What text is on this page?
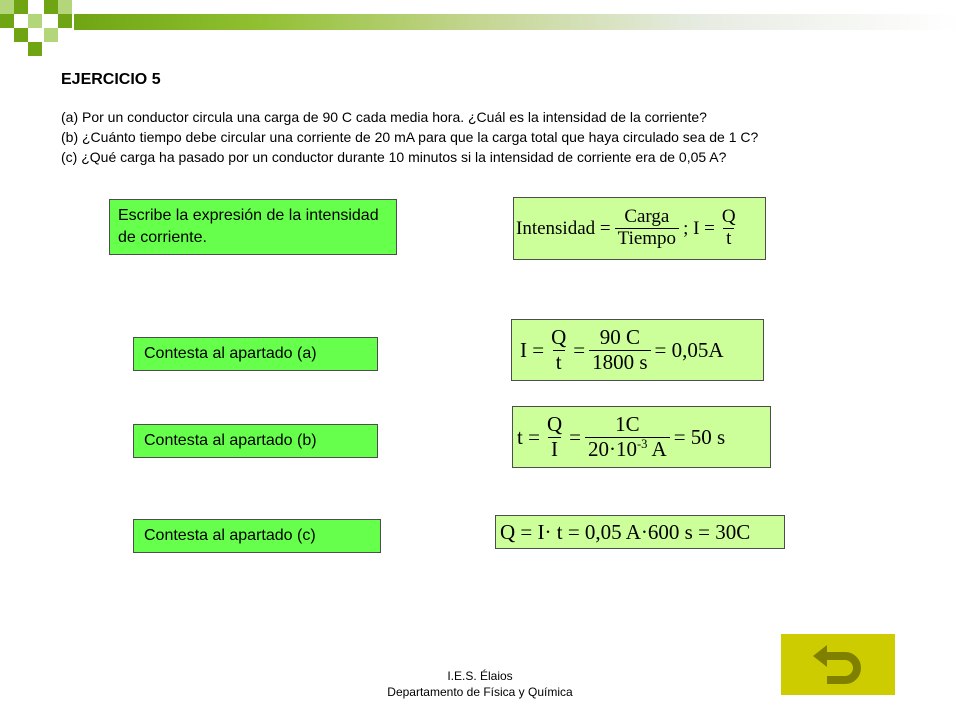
EJERCICIO 5
(a) Por un conductor circula una carga de 90 C cada media hora. ¿Cuál es la intensidad de la corriente?
(b) ¿Cuánto tiempo debe circular una corriente de 20 mA para que la carga total que haya circulado sea de 1 C?
(c) ¿Qué carga ha pasado por un conductor durante 10 minutos si la intensidad de corriente era de 0,05 A?
Escribe la expresión de la intensidad de corriente.
Contesta al apartado (a)
Contesta al apartado (b)
Contesta al apartado (c)
Intensidad = $\frac{\text{Carga}}{\text{Tiempo}}$ ; $I = \frac{Q}{t}$
$I = \frac{Q}{t} = \frac{90 C}{1800 s} = 0,05A$
$t = \frac{Q}{I} = \frac{1C}{20\cdot 10^{-3} A} = 50$ s
Q = I· t = 0,05 A·600 s = 30C
I.E.S. Élaios
Departamento de Física y Química
